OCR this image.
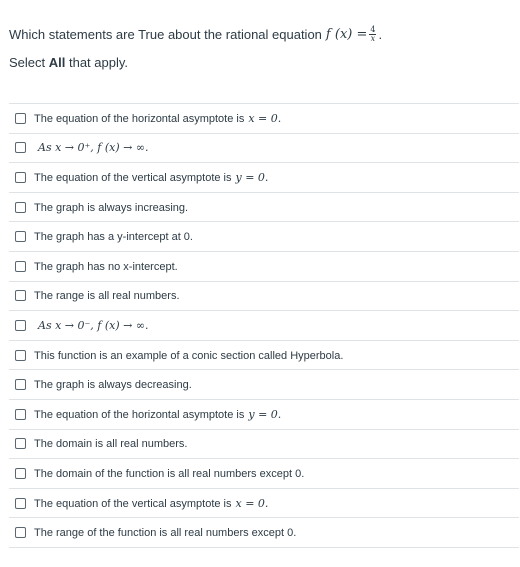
Which statements are True about the rational equation f $(x) = \frac{4}{x}$ .
Select All that apply.
The equation of the horizontal asymptote is x = 0.
As x → 0⁺, f (x) → ∞.
The equation of the vertical asymptote is y = 0.
The graph is always increasing.
The graph has a y-intercept at 0.
The graph has no x-intercept.
The range is all real numbers.
As x → 0⁻, f (x) → ∞.
This function is an example of a conic section called Hyperbola.
The graph is always decreasing.
The equation of the horizontal asymptote is y = 0.
The domain is all real numbers.
The domain of the function is all real numbers except 0.
The equation of the vertical asymptote is x = 0.
The range of the function is all real numbers except 0.
